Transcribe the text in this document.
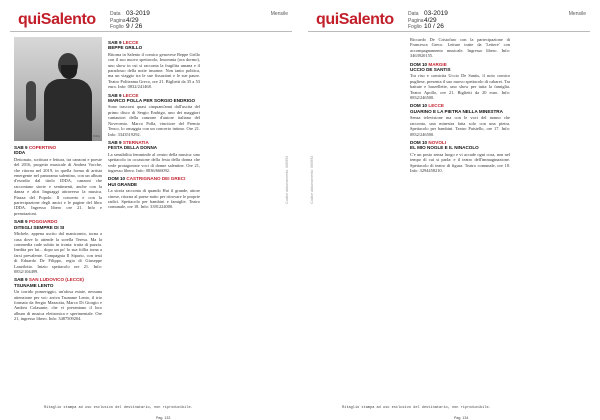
quiSalento	Data 03-2019
Pagina4/29
Foglio 9 / 26
Mensile
IDDA
SAB 9 COPERTINO
IDDA

Dettonato, scrittura e lettura, tra canzoni e poesie del 2016, progetto musicale di Andrea Vacche, che ritorna nel 2019, in quella forma di artista emergente nel panorama salentino, con un album d'esordio dal titolo IDDA, canzoni che raccontano storie e sentimenti, anche con la danza e altri linguaggi attraverso la musica. Piazza del Popolo. Il concerto e con la partecipazione degli amici e le pagine del libro IDDA. Ingresso libero ore 21. Info e prenotazioni.

SAB 9 POGGIARDO
DITEGLI SEMPRE DI SI

Michele, appena uscito dal manicomio, torna a casa dove lo attende la sorella Teresa. Ma la commedia cade subito in ironia: tratta di pazzia. Inedita per lui... dopo un po' lo sua follia torna a farsi prevalente. Compagnia Il Sipario, con testi di Eduardo De Filippo, regia di Giuseppe Lanzilotto. Inizio spettacolo ore 21. Info: 0832/104499.

SAB 9 SAN LUDOVICO (LECCE)
TSUNAME LENTO

Un torrido pomeriggio, un'afosa estate, nessuna attenzione per voi: arriva Tsuname Lento, il trio formato da Sergio Mazzotta, Marco Di Giorgio e Andrea Colasante, che vi presentano il loro album di musica elettronica e sperimentale. Ore 21, ingresso libero. Info: 3487509204.

SAB 9 LECCE
BEPPE GRILLO

Ritorna in Salento il comico genovese Beppe Grillo con il suo nuovo spettacolo, Insomnia (ora dormo), uno show in cui si racconta la fragilita umana e il paradosso della notte insonne. Non tanto politica, ma un viaggio tra le sue fissazioni e le sue paure. Teatro Politeama Greco, ore 21. Biglietti da 35 a 53 euro. Info: 0832/241468.

SAB 9 LECCE
MARCO POLLA PER SORGIO ENDRIGO

Sono trascorsi quasi cinquant'anni dall'uscita del primo disco di Sergio Endrigo, uno dei maggiori cantautori della canzone d'autore italiana del Novecento. Marco Polla, vincitore del Premio Tenco, lo omaggia con un concerto intimo. Ore 21. Info: 3343519292.

SAB 9 STERNATIA
FESTA DELLA DONNA

La sensibilita femminile al centro della musica: uno spettacolo in occasione della festa della donna che vede protagoniste voci di donne salentine. Ore 21, ingresso libero. Info: 0836/666092.

DOM 10 CASTRIGNANO DEI GRECI
HUI GRANDE

La storia racconta di quando Hui il grande, attore cinese, ritorna al paese natio per ritrovare le proprie radici. Spettacolo per bambini e famiglie. Teatro comunale, ore 18. Info: 3391224000.

Codice abbonamento: 060993
Ritaglio stampa ad uso esclusivo del destinatario, non riproducibile.
Pag. 133
quiSalento	Data 03-2019
Pagina4/29
Foglio 10 / 26
Mensile

Riccardo De Cristofaro con la partecipazione di Francesca Greco. Letture tratte da 'Lettere' con accompagnamento musicale. Ingresso libero. Info: 3463920155.

DOM 10 MARGIE
UCCIO DE SANTIS

Tra riso e comicita Uccio De Santis, il noto comico pugliese, presenta il suo nuovo spettacolo di cabaret. Tra battute e barzellette, uno show per tutta la famiglia. Teatro Apollo, ore 21. Biglietti da 20 euro. Info: 0832/246500.

DOM 10 LECCE
GUARINO E LA PIETRA NELLA MINESTRA

Senza televisione ma con le voci del nonno che racconta, una minestra fatta solo con una pietra. Spettacolo per bambini. Teatro Paisiello, ore 17. Info: 0832/246500.

DOM 10 NOVOLI
EL MIO NOGLE E IL NINACOLO

C'e un posto senza luogo e vi accade ogni cosa, non nel tempo di cui si parla: e il teatro dell'immaginazione. Spettacolo di teatro di figura. Teatro comunale, ore 18. Info: 3294458210.

Codice abbonamento: 060993
Ritaglio stampa ad uso esclusivo del destinatario, non riproducibile.
Pag. 134
